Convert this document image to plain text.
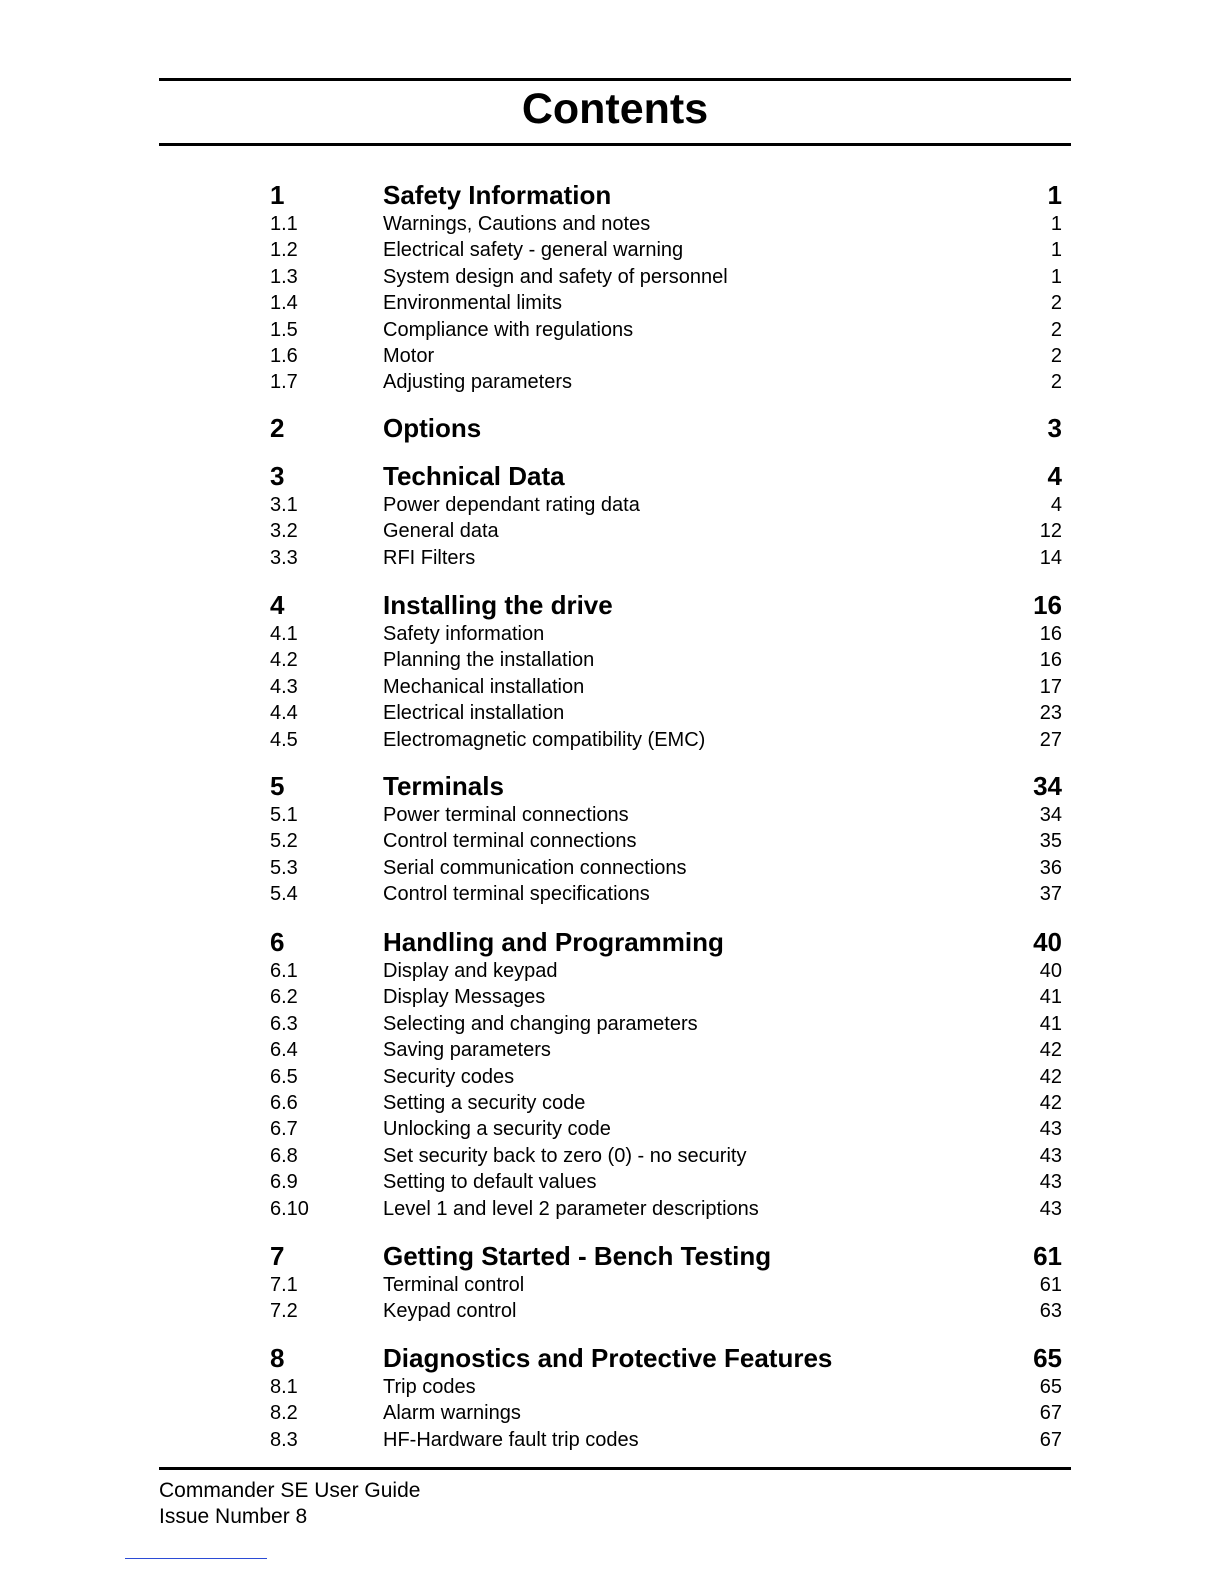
Contents
1	Safety Information	1
1.1	Warnings, Cautions and notes	1
1.2	Electrical safety - general warning	1
1.3	System design and safety of personnel	1
1.4	Environmental limits	2
1.5	Compliance with regulations	2
1.6	Motor	2
1.7	Adjusting parameters	2
2	Options	3
3	Technical Data	4
3.1	Power dependant rating data	4
3.2	General data	12
3.3	RFI Filters	14
4	Installing the drive	16
4.1	Safety information	16
4.2	Planning the installation	16
4.3	Mechanical installation	17
4.4	Electrical installation	23
4.5	Electromagnetic compatibility (EMC)	27
5	Terminals	34
5.1	Power terminal connections	34
5.2	Control terminal connections	35
5.3	Serial communication connections	36
5.4	Control terminal specifications	37
6	Handling and Programming	40
6.1	Display and keypad	40
6.2	Display Messages	41
6.3	Selecting and changing parameters	41
6.4	Saving parameters	42
6.5	Security codes	42
6.6	Setting a security code	42
6.7	Unlocking a security code	43
6.8	Set security back to zero (0) - no security	43
6.9	Setting to default values	43
6.10	Level 1 and level 2 parameter descriptions	43
7	Getting Started - Bench Testing	61
7.1	Terminal control	61
7.2	Keypad control	63
8	Diagnostics and Protective Features	65
8.1	Trip codes	65
8.2	Alarm warnings	67
8.3	HF-Hardware fault trip codes	67
Commander SE User Guide
Issue Number 8
